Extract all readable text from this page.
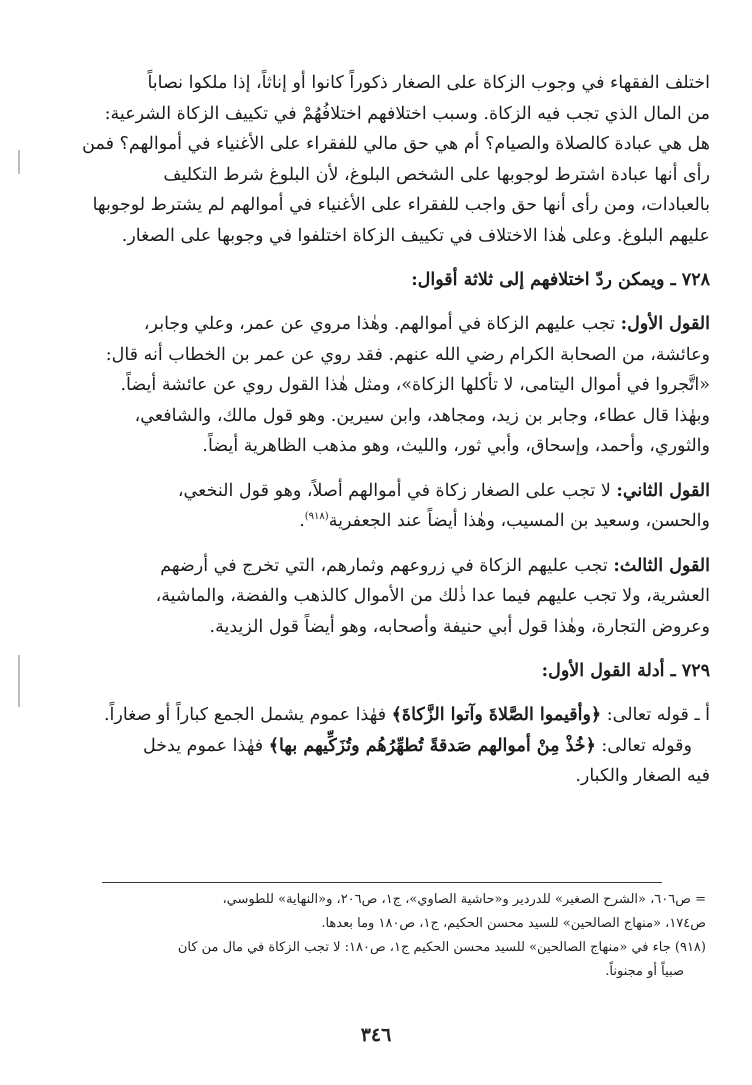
اختلف الفقهاء في وجوب الزكاة على الصغار ذكوراً كانوا أو إناثاً، إذا ملكوا نصاباً
من المال الذي تجب فيه الزكاة. وسبب اختلافهم اختلافُهُمْ في تكييف الزكاة الشرعية:
هل هي عبادة كالصلاة والصيام؟ أم هي حق مالي للفقراء على الأغنياء في أموالهم؟ فمن
رأى أنها عبادة اشترط لوجوبها على الشخص البلوغ، لأن البلوغ شرط التكليف
بالعبادات، ومن رأى أنها حق واجب للفقراء على الأغنياء في أموالهم لم يشترط لوجوبها
عليهم البلوغ. وعلى هٰذا الاختلاف في تكييف الزكاة اختلفوا في وجوبها على الصغار.
٧٢٨ ـ ويمكن ردّ اختلافهم إلى ثلاثة أقوال:
القول الأول: تجب عليهم الزكاة في أموالهم. وهٰذا مروي عن عمر، وعلي وجابر،
وعائشة، من الصحابة الكرام رضي الله عنهم. فقد روي عن عمر بن الخطاب أنه قال:
«اتَّجروا في أموال اليتامى، لا تأكلها الزكاة»، ومثل هٰذا القول روي عن عائشة أيضاً.
وبهٰذا قال عطاء، وجابر بن زيد، ومجاهد، وابن سيرين. وهو قول مالك، والشافعي،
والثوري، وأحمد، وإسحاق، وأبي ثور، والليث، وهو مذهب الظاهرية أيضاً.
القول الثاني: لا تجب على الصغار زكاة في أموالهم أصلاً، وهو قول النخعي،
والحسن، وسعيد بن المسيب، وهٰذا أيضاً عند الجعفرية$^{(٩١٨)}$.
القول الثالث: تجب عليهم الزكاة في زروعهم وثمارهم، التي تخرج في أرضهم
العشرية، ولا تجب عليهم فيما عدا ذٰلك من الأموال كالذهب والفضة، والماشية،
وعروض التجارة، وهٰذا قول أبي حنيفة وأصحابه، وهو أيضاً قول الزيدية.
٧٢٩ ـ أدلة القول الأول:
أ ـ قوله تعالى: ﴿وأقيموا الصَّلاةَ وآتوا الزَّكاةَ﴾ فهٰذا عموم يشمل الجمع كباراً أو صغاراً.
وقوله تعالى: ﴿خُذْ مِنْ أموالهم صَدقةً تُطهِّرُهُم وتُزَكِّيهم بها﴾ فهٰذا عموم يدخل
فيه الصغار والكبار.
= ص٦٠٦، «الشرح الصغير» للدردير و«حاشية الصاوي»، ج١، ص٢٠٦، و«النهاية» للطوسي،
ص١٧٤، «منهاج الصالحين» للسيد محسن الحكيم، ج١، ص١٨٠ وما بعدها.
(٩١٨) جاء في «منهاج الصالحين» للسيد محسن الحكيم ج١، ص١٨٠: لا تجب الزكاة في مال من كان
صبياً أو مجنوناً.
٣٤٦
